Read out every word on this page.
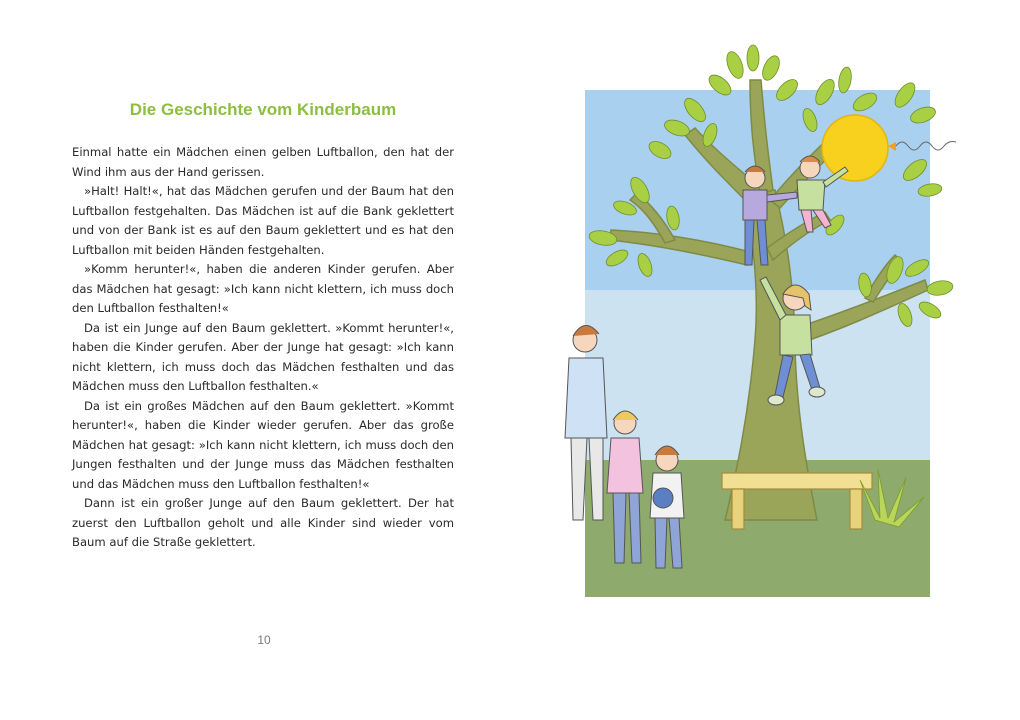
Die Geschichte vom Kinderbaum

Einmal hatte ein Mädchen einen gelben Luftballon, den hat der Wind ihm aus der Hand gerissen.

»Halt! Halt!«, hat das Mädchen gerufen und der Baum hat den Luftballon festgehalten. Das Mädchen ist auf die Bank geklettert und von der Bank ist es auf den Baum geklettert und es hat den Luftballon mit beiden Händen festgehalten.

»Komm herunter!«, haben die anderen Kinder gerufen. Aber das Mädchen hat gesagt: »Ich kann nicht klettern, ich muss doch den Luftballon festhalten!«

Da ist ein Junge auf den Baum geklettert. »Kommt herunter!«, haben die Kinder gerufen. Aber der Junge hat gesagt: »Ich kann nicht klettern, ich muss doch das Mädchen festhalten und das Mädchen muss den Luftballon festhalten.«

Da ist ein großes Mädchen auf den Baum geklettert. »Kommt herunter!«, haben die Kinder wieder gerufen. Aber das große Mädchen hat gesagt: »Ich kann nicht klettern, ich muss doch den Jungen festhalten und der Junge muss das Mädchen festhalten und das Mädchen muss den Luftballon festhalten!«

Dann ist ein großer Junge auf den Baum geklettert. Der hat zuerst den Luftballon geholt und alle Kinder sind wieder vom Baum auf die Straße geklettert.

10
